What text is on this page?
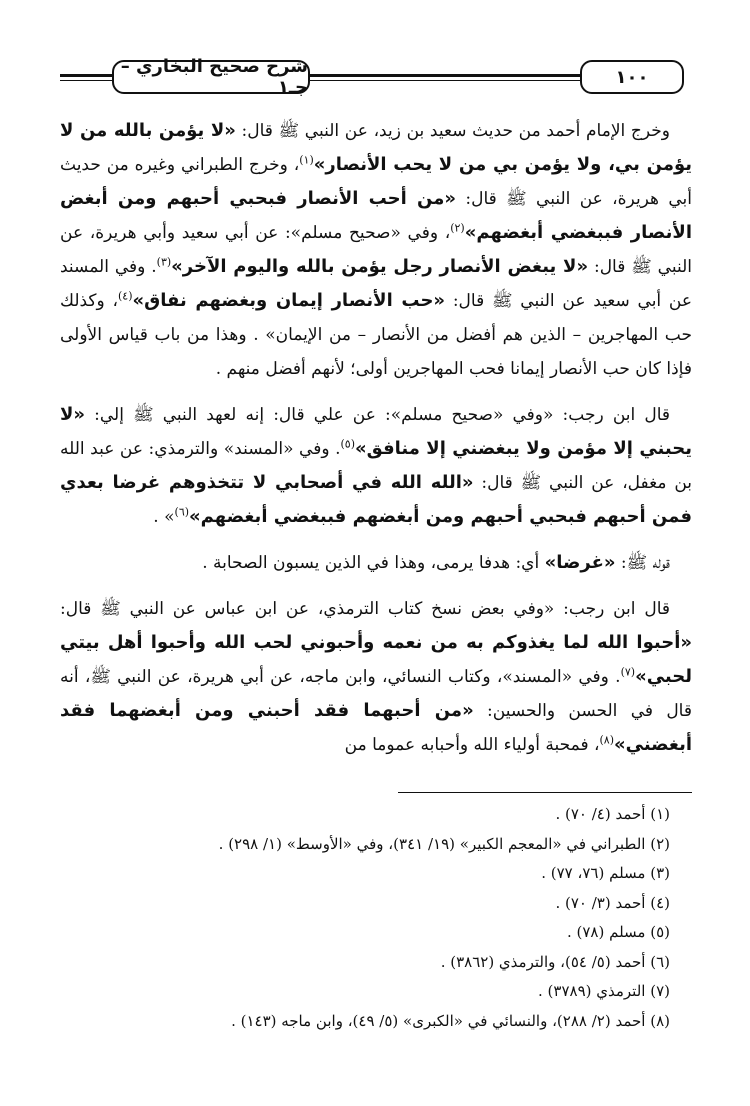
شرح صحيح البخاري – جـ١	١٠٠

وخرج الإمام أحمد من حديث سعيد بن زيد، عن النبي ﷺ قال: «لا يؤمن بالله من لا يؤمن بي، ولا يؤمن بي من لا يحب الأنصار»$^{(١)}$، وخرج الطبراني وغيره من حديث أبي هريرة، عن النبي ﷺ قال: «من أحب الأنصار فبحبي أحبهم ومن أبغض الأنصار فببغضي أبغضهم»$^{(٢)}$، وفي «صحيح مسلم»: عن أبي سعيد وأبي هريرة، عن النبي ﷺ قال: «لا يبغض الأنصار رجل يؤمن بالله واليوم الآخر»$^{(٣)}$. وفي المسند عن أبي سعيد عن النبي ﷺ قال: «حب الأنصار إيمان وبغضهم نفاق»$^{(٤)}$، وكذلك حب المهاجرين – الذين هم أفضل من الأنصار – من الإيمان» . وهذا من باب قياس الأولى فإذا كان حب الأنصار إيمانا فحب المهاجرين أولى؛ لأنهم أفضل منهم .

قال ابن رجب: «وفي «صحيح مسلم»: عن علي قال: إنه لعهد النبي ﷺ إلي: «لا يحبني إلا مؤمن ولا يبغضني إلا منافق»$^{(٥)}$. وفي «المسند» والترمذي: عن عبد الله بن مغفل، عن النبي ﷺ قال: «الله الله في أصحابي لا تتخذوهم غرضا بعدي فمن أحبهم فبحبي أحبهم ومن أبغضهم فببغضي أبغضهم»$^{(٦)}$» .

قوله ﷺ: «غرضا» أي: هدفا يرمى، وهذا في الذين يسبون الصحابة .

قال ابن رجب: «وفي بعض نسخ كتاب الترمذي، عن ابن عباس عن النبي ﷺ قال: «أحبوا الله لما يغذوكم به من نعمه وأحبوني لحب الله وأحبوا أهل بيتي لحبي»$^{(٧)}$. وفي «المسند»، وكتاب النسائي، وابن ماجه، عن أبي هريرة، عن النبي ﷺ، أنه قال في الحسن والحسين: «من أحبهما فقد أحبني ومن أبغضهما فقد أبغضني»$^{(٨)}$، فمحبة أولياء الله وأحبابه عموما من

(١) أحمد (٤/ ٧٠) .

(٢) الطبراني في «المعجم الكبير» (١٩/ ٣٤١)، وفي «الأوسط» (١/ ٢٩٨) .

(٣) مسلم (٧٦، ٧٧) .

(٤) أحمد (٣/ ٧٠) .

(٥) مسلم (٧٨) .

(٦) أحمد (٥/ ٥٤)، والترمذي (٣٨٦٢) .

(٧) الترمذي (٣٧٨٩) .

(٨) أحمد (٢/ ٢٨٨)، والنسائي في «الكبرى» (٥/ ٤٩)، وابن ماجه (١٤٣) .
